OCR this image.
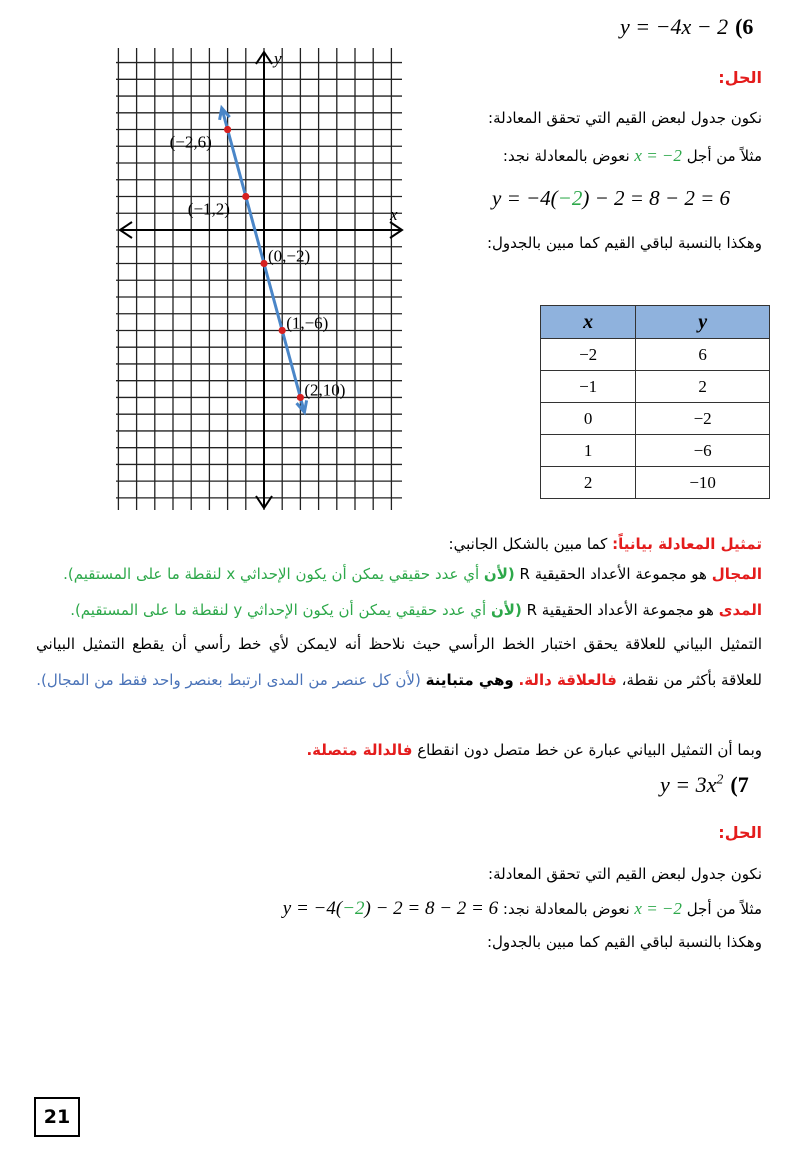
y = −4x − 2 (6
x
y
(−2,6)
(−1,2)
(0,−2)
(1,−6)
(2,10)
الحل:
نكون جدول لبعض القيم التي تحقق المعادلة:
مثلاً من أجل x = −2 نعوض بالمعادلة نجد:
y = −4(−2) − 2 = 8 − 2 = 6
وهكذا بالنسبة لباقي القيم كما مبين بالجدول:
x	y
−2	6
−1	2
0	−2
1	−6
2	−10
تمثيل المعادلة بيانياً: كما مبين بالشكل الجانبي:
المجال هو مجموعة الأعداد الحقيقية R (لأن أي عدد حقيقي يمكن أن يكون الإحداثي x لنقطة ما على المستقيم).
المدى هو مجموعة الأعداد الحقيقية R (لأن أي عدد حقيقي يمكن أن يكون الإحداثي y لنقطة ما على المستقيم).
التمثيل البياني للعلاقة يحقق اختبار الخط الرأسي حيث نلاحظ أنه لايمكن لأي خط رأسي أن يقطع التمثيل البياني للعلاقة بأكثر من نقطة، فالعلاقة دالة. وهي متباينة (لأن كل عنصر من المدى ارتبط بعنصر واحد فقط من المجال).
وبما أن التمثيل البياني عبارة عن خط متصل دون انقطاع فالدالة متصلة.
$y = 3x^2$ (7
الحل:
نكون جدول لبعض القيم التي تحقق المعادلة:
مثلاً من أجل x = −2 نعوض بالمعادلة نجد: y = −4(−2) − 2 = 8 − 2 = 6
وهكذا بالنسبة لباقي القيم كما مبين بالجدول:
21
